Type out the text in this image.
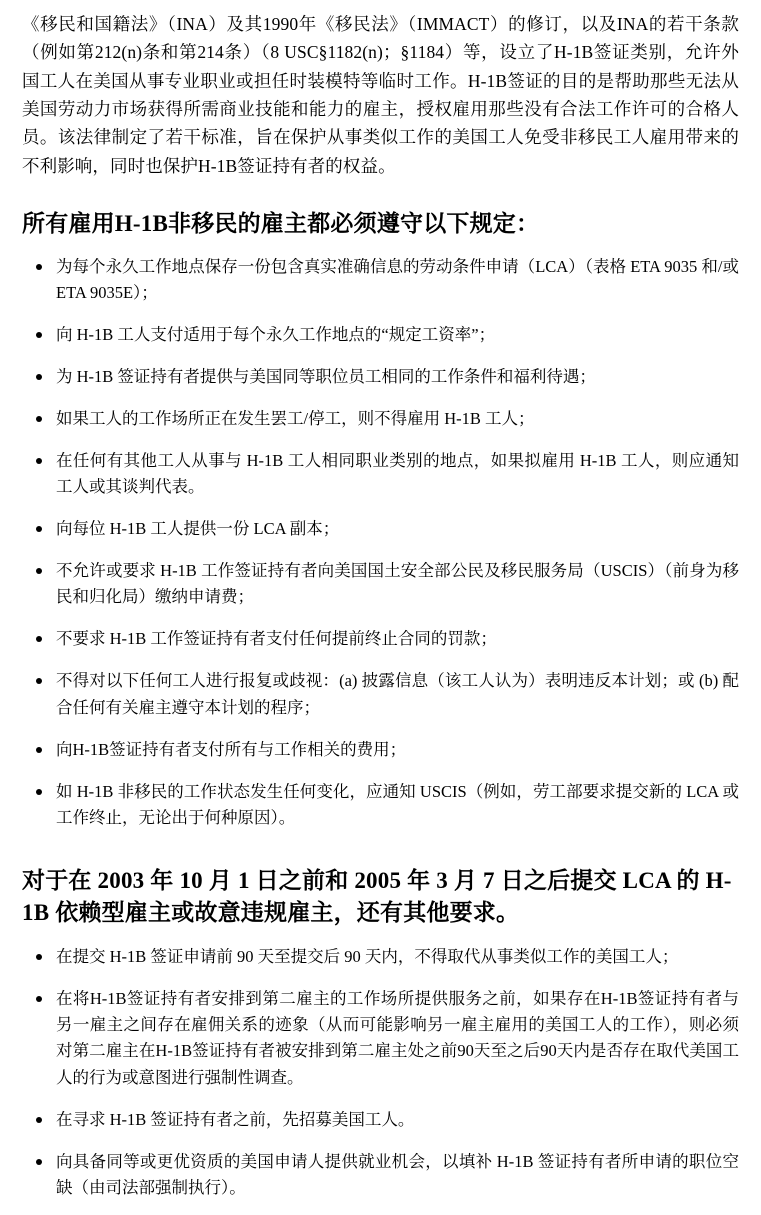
《移民和国籍法》（INA）及其1990年《移民法》（IMMACT）的修订，以及INA的若干条款（例如第212(n)条和第214条）（8 USC§1182(n)；§1184）等，设立了H-1B签证类别，允许外国工人在美国从事专业职业或担任时装模特等临时工作。H-1B签证的目的是帮助那些无法从美国劳动力市场获得所需商业技能和能力的雇主，授权雇用那些没有合法工作许可的合格人员。该法律制定了若干标准，旨在保护从事类似工作的美国工人免受非移民工人雇用带来的不利影响，同时也保护H-1B签证持有者的权益。

所有雇用H-1B非移民的雇主都必须遵守以下规定：
为每个永久工作地点保存一份包含真实准确信息的劳动条件申请（LCA）（表格 ETA 9035 和/或 ETA 9035E）；
向 H-1B 工人支付适用于每个永久工作地点的“规定工资率”；
为 H-1B 签证持有者提供与美国同等职位员工相同的工作条件和福利待遇；
如果工人的工作场所正在发生罢工/停工，则不得雇用 H-1B 工人；
在任何有其他工人从事与 H-1B 工人相同职业类别的地点，如果拟雇用 H-1B 工人，则应通知工人或其谈判代表。
向每位 H-1B 工人提供一份 LCA 副本；
不允许或要求 H-1B 工作签证持有者向美国国土安全部公民及移民服务局（USCIS）（前身为移民和归化局）缴纳申请费；
不要求 H-1B 工作签证持有者支付任何提前终止合同的罚款；
不得对以下任何工人进行报复或歧视：(a) 披露信息（该工人认为）表明违反本计划；或 (b) 配合任何有关雇主遵守本计划的程序；
向H-1B签证持有者支付所有与工作相关的费用；
如 H-1B 非移民的工作状态发生任何变化，应通知 USCIS（例如，劳工部要求提交新的 LCA 或工作终止，无论出于何种原因）。
对于在 2003 年 10 月 1 日之前和 2005 年 3 月 7 日之后提交 LCA 的 H-1B 依赖型雇主或故意违规雇主，还有其他要求。
在提交 H-1B 签证申请前 90 天至提交后 90 天内，不得取代从事类似工作的美国工人；
在将H-1B签证持有者安排到第二雇主的工作场所提供服务之前，如果存在H-1B签证持有者与另一雇主之间存在雇佣关系的迹象（从而可能影响另一雇主雇用的美国工人的工作），则必须对第二雇主在H-1B签证持有者被安排到第二雇主处之前90天至之后90天内是否存在取代美国工人的行为或意图进行强制性调查。
在寻求 H-1B 签证持有者之前，先招募美国工人。
向具备同等或更优资质的美国申请人提供就业机会，以填补 H-1B 签证持有者所申请的职位空缺（由司法部强制执行）。
